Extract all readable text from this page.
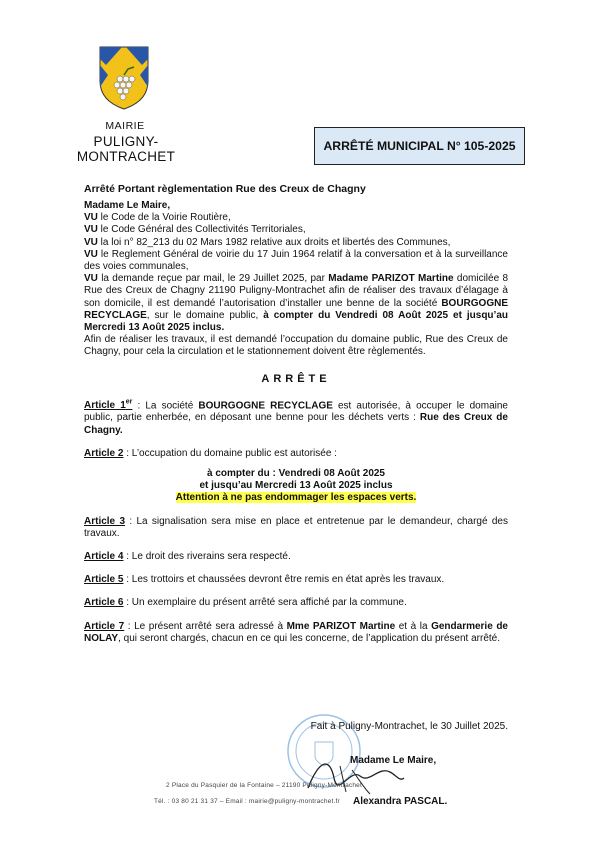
MAIRIE
PULIGNY-MONTRACHET
ARRÊTÉ MUNICIPAL N° 105-2025
Arrêté Portant règlementation Rue des Creux de Chagny

Madame Le Maire,

VU le Code de la Voirie Routière,

VU le Code Général des Collectivités Territoriales,

VU la loi n° 82_213 du 02 Mars 1982 relative aux droits et libertés des Communes,

VU le Reglement Général de voirie du 17 Juin 1964 relatif à la conversation et à la surveillance des voies communales,

VU la demande reçue par mail, le 29 Juillet 2025, par Madame PARIZOT Martine domicilée 8 Rue des Creux de Chagny 21190 Puligny-Montrachet afin de réaliser des travaux d’élagage à son domicile, il est demandé l’autorisation d’installer une benne de la société BOURGOGNE RECYCLAGE, sur le domaine public, à compter du Vendredi 08 Août 2025 et jusqu’au Mercredi 13 Août 2025 inclus.

Afin de réaliser les travaux, il est demandé l’occupation du domaine public, Rue des Creux de Chagny, pour cela la circulation et le stationnement doivent être règlementés.

ARRÊTE

Article 1er : La société BOURGOGNE RECYCLAGE est autorisée, à occuper le domaine public, partie enherbée, en déposant une benne pour les déchets verts : Rue des Creux de Chagny.

Article 2 : L’occupation du domaine public est autorisée :

à compter du : Vendredi 08 Août 2025

et jusqu’au Mercredi 13 Août 2025 inclus

Attention à ne pas endommager les espaces verts.

Article 3 : La signalisation sera mise en place et entretenue par le demandeur, chargé des travaux.

Article 4 : Le droit des riverains sera respecté.

Article 5 : Les trottoirs et chaussées devront être remis en état après les travaux.

Article 6 : Un exemplaire du présent arrêté sera affiché par la commune.

Article 7 : Le présent arrêté sera adressé à Mme PARIZOT Martine et à la Gendarmerie de NOLAY, qui seront chargés, chacun en ce qui les concerne, de l’application du présent arrêté.

Fait à Puligny-Montrachet, le 30 Juillet 2025.
Madame Le Maire,
Alexandra PASCAL.
2 Place du Pasquier de la Fontaine – 21190 Puligny-Montrachet
Tél. : 03 80 21 31 37 – Email : mairie@puligny-montrachet.fr
